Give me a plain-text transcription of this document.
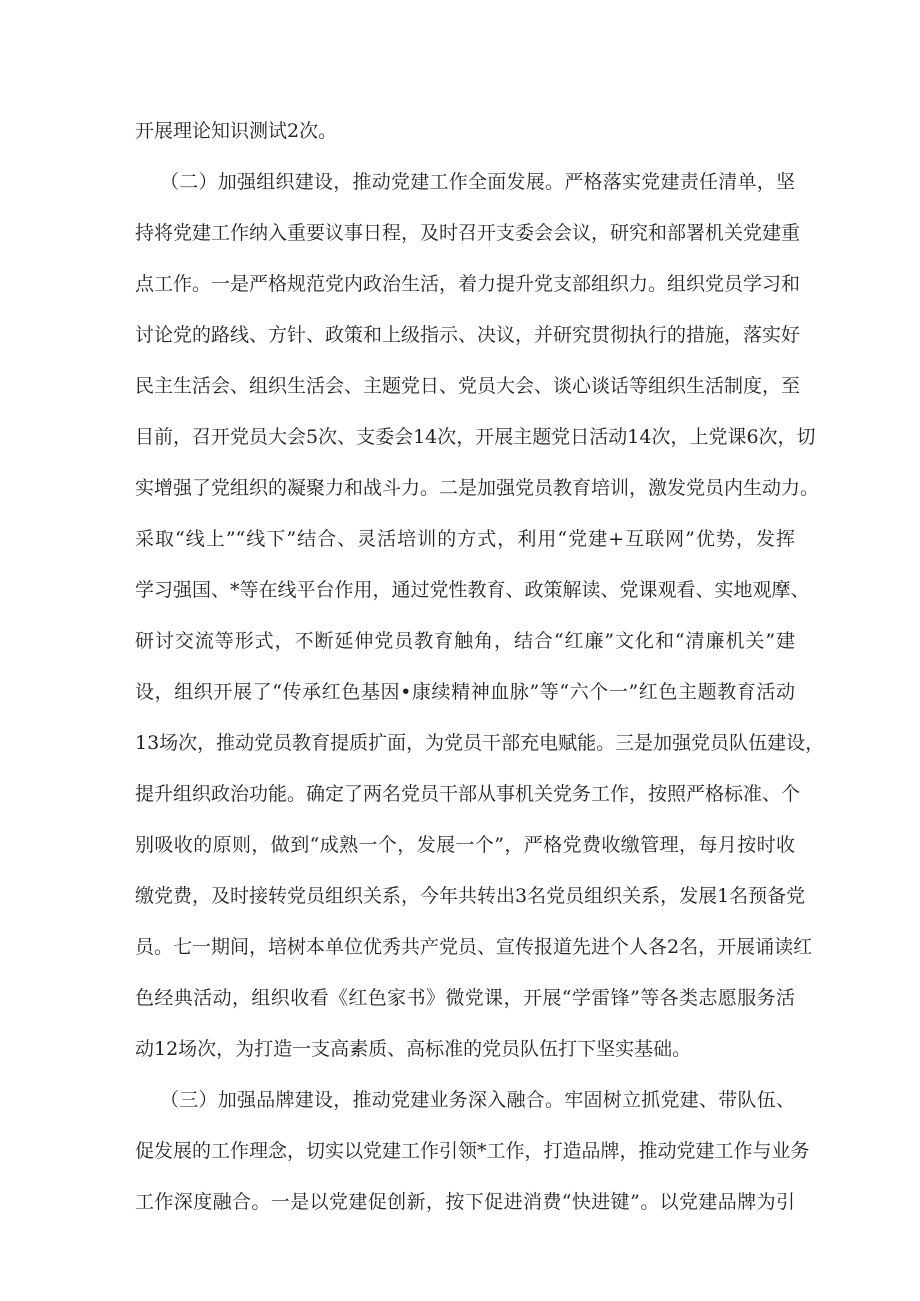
开展理论知识测试2次。
（二）加强组织建设，推动党建工作全面发展。严格落实党建责任清单，坚
持将党建工作纳入重要议事日程，及时召开支委会会议，研究和部署机关党建重
点工作。一是严格规范党内政治生活，着力提升党支部组织力。组织党员学习和
讨论党的路线、方针、政策和上级指示、决议，并研究贯彻执行的措施，落实好
民主生活会、组织生活会、主题党日、党员大会、谈心谈话等组织生活制度，至
目前，召开党员大会5次、支委会14次，开展主题党日活动14次，上党课6次，切
实增强了党组织的凝聚力和战斗力。二是加强党员教育培训，激发党员内生动力。
采取“线上”“线下”结合、灵活培训的方式，利用“党建+互联网”优势，发挥
学习强国、*等在线平台作用，通过党性教育、政策解读、党课观看、实地观摩、
研讨交流等形式，不断延伸党员教育触角，结合“红廉”文化和“清廉机关”建
设，组织开展了“传承红色基因•康续精神血脉”等“六个一”红色主题教育活动
13场次，推动党员教育提质扩面，为党员干部充电赋能。三是加强党员队伍建设，
提升组织政治功能。确定了两名党员干部从事机关党务工作，按照严格标准、个
别吸收的原则，做到“成熟一个，发展一个”，严格党费收缴管理，每月按时收
缴党费，及时接转党员组织关系，今年共转出3名党员组织关系，发展1名预备党
员。七一期间，培树本单位优秀共产党员、宣传报道先进个人各2名，开展诵读红
色经典活动，组织收看《红色家书》微党课，开展“学雷锋”等各类志愿服务活
动12场次，为打造一支高素质、高标准的党员队伍打下坚实基础。
（三）加强品牌建设，推动党建业务深入融合。牢固树立抓党建、带队伍、
促发展的工作理念，切实以党建工作引领*工作，打造品牌，推动党建工作与业务
工作深度融合。一是以党建促创新，按下促进消费“快进键”。以党建品牌为引
